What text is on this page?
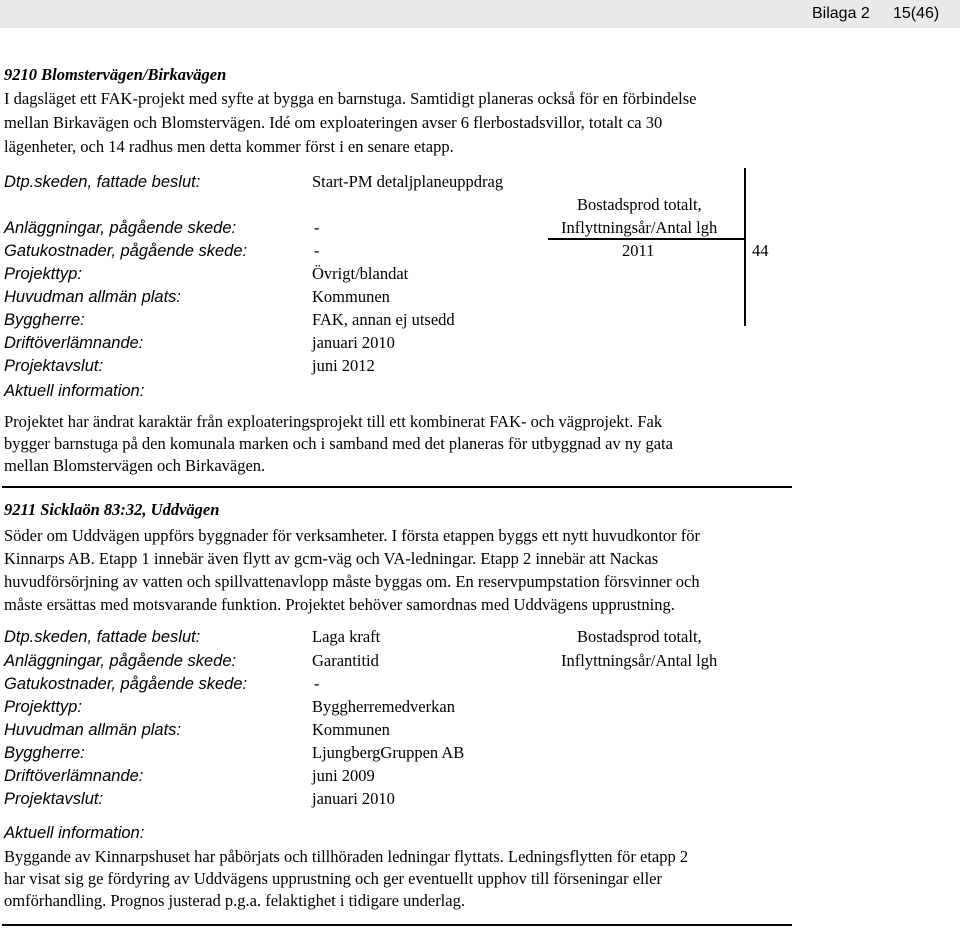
Bilaga 2 15(46)
9210 Blomstervägen/Birkavägen
I dagsläget ett FAK-projekt med syfte at bygga en barnstuga. Samtidigt planeras också för en förbindelse
mellan Birkavägen och Blomstervägen. Idé om exploateringen avser 6 flerbostadsvillor, totalt ca 30
lägenheter, och 14 radhus men detta kommer först i en senare etapp.
Dtp.skeden, fattade beslut:	Start-PM detaljplaneuppdrag
Anläggningar, pågående skede:	-
Gatukostnader, pågående skede:	-
Projekttyp:	Övrigt/blandat
Huvudman allmän plats:	Kommunen
Byggherre:	FAK, annan ej utsedd
Driftöverlämnande:	januari 2010
Projektavslut:	juni 2012
Bostadsprod totalt,
Inflyttningsår/Antal lgh
2011	44
Aktuell information:
Projektet har ändrat karaktär från exploateringsprojekt till ett kombinerat FAK- och vägprojekt. Fak
bygger barnstuga på den komunala marken och i samband med det planeras för utbyggnad av ny gata
mellan Blomstervägen och Birkavägen.
9211 Sicklaön 83:32, Uddvägen
Söder om Uddvägen uppförs byggnader för verksamheter. I första etappen byggs ett nytt huvudkontor för
Kinnarps AB. Etapp 1 innebär även flytt av gcm-väg och VA-ledningar. Etapp 2 innebär att Nackas
huvudförsörjning av vatten och spillvattenavlopp måste byggas om. En reservpumpstation försvinner och
måste ersättas med motsvarande funktion. Projektet behöver samordnas med Uddvägens upprustning.
Dtp.skeden, fattade beslut:	Laga kraft
Anläggningar, pågående skede:	Garantitid
Gatukostnader, pågående skede:	-
Projekttyp:	Byggherremedverkan
Huvudman allmän plats:	Kommunen
Byggherre:	LjungbergGruppen AB
Driftöverlämnande:	juni 2009
Projektavslut:	januari 2010
Bostadsprod totalt,
Inflyttningsår/Antal lgh
Aktuell information:
Byggande av Kinnarpshuset har påbörjats och tillhöraden ledningar flyttats. Ledningsflytten för etapp 2
har visat sig ge fördyring av Uddvägens upprustning och ger eventuellt upphov till förseningar eller
omförhandling. Prognos justerad p.g.a. felaktighet i tidigare underlag.
